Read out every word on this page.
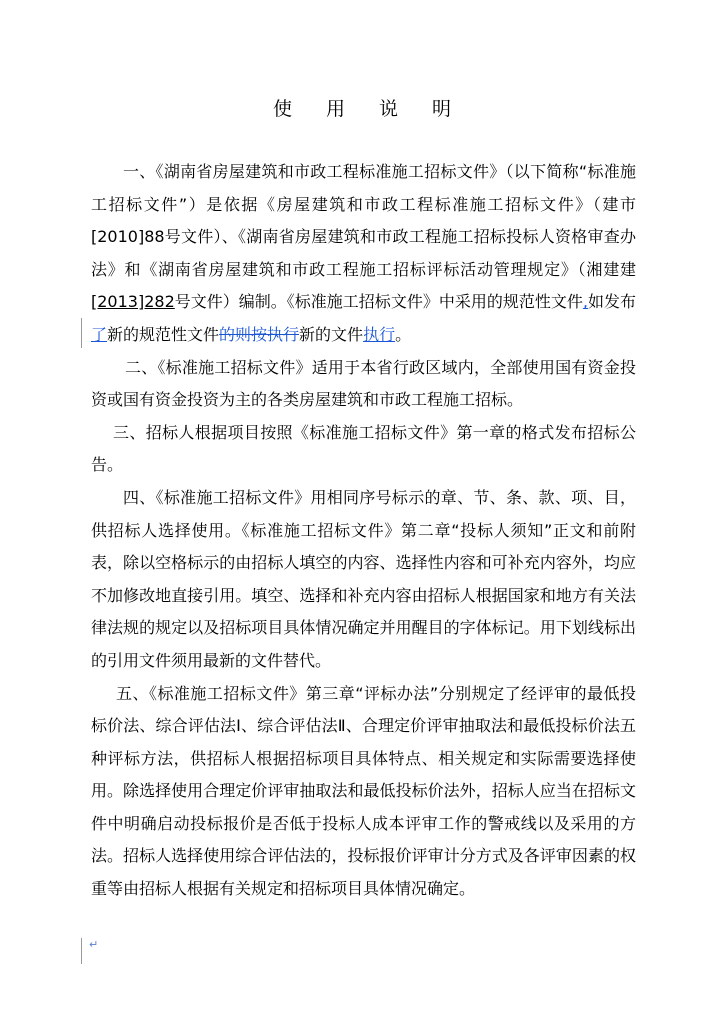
使 用 说 明

一、《湖南省房屋建筑和市政工程标准施工招标文件》（以下简称“标准施工招标文件”）是依据《房屋建筑和市政工程标准施工招标文件》（建市[2010]88号文件）、《湖南省房屋建筑和市政工程施工招标投标人资格审查办法》和《湖南省房屋建筑和市政工程施工招标评标活动管理规定》（湘建建[2013]282号文件）编制。《标准施工招标文件》中采用的规范性文件,如发布了新的规范性文件的则按执行新的文件执行。

二、《标准施工招标文件》适用于本省行政区域内，全部使用国有资金投资或国有资金投资为主的各类房屋建筑和市政工程施工招标。

三、招标人根据项目按照《标准施工招标文件》第一章的格式发布招标公告。

四、《标准施工招标文件》用相同序号标示的章、节、条、款、项、目，供招标人选择使用。《标准施工招标文件》第二章“投标人须知”正文和前附表，除以空格标示的由招标人填空的内容、选择性内容和可补充内容外，均应不加修改地直接引用。填空、选择和补充内容由招标人根据国家和地方有关法律法规的规定以及招标项目具体情况确定并用醒目的字体标记。用下划线标出的引用文件须用最新的文件替代。

五、《标准施工招标文件》第三章“评标办法”分别规定了经评审的最低投标价法、综合评估法Ⅰ、综合评估法Ⅱ、合理定价评审抽取法和最低投标价法五种评标方法，供招标人根据招标项目具体特点、相关规定和实际需要选择使用。除选择使用合理定价评审抽取法和最低投标价法外，招标人应当在招标文件中明确启动投标报价是否低于投标人成本评审工作的警戒线以及采用的方法。招标人选择使用综合评估法的，投标报价评审计分方式及各评审因素的权重等由招标人根据有关规定和招标项目具体情况确定。

↵
